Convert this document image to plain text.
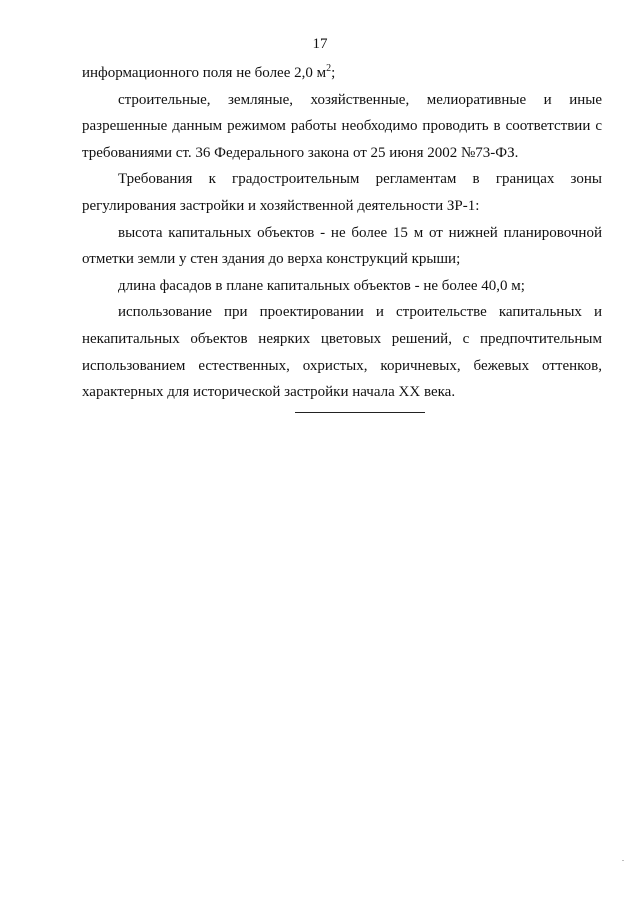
17
информационного поля не более 2,0 $м^2$;
строительные, земляные, хозяйственные, мелиоративные и иные
разрешенные данным режимом работы необходимо проводить в соответствии с
требованиями ст. 36 Федерального закона от 25 июня 2002 №73-ФЗ.
Требования к градостроительным регламентам в границах зоны
регулирования застройки и хозяйственной деятельности ЗР-1:
высота капитальных объектов - не более 15 м от нижней планировочной
отметки земли у стен здания до верха конструкций крыши;
длина фасадов в плане капитальных объектов - не более 40,0 м;
использование при проектировании и строительстве капитальных и
некапитальных объектов неярких цветовых решений, с предпочтительным
использованием естественных, охристых, коричневых, бежевых оттенков,
характерных для исторической застройки начала XX века.
.
